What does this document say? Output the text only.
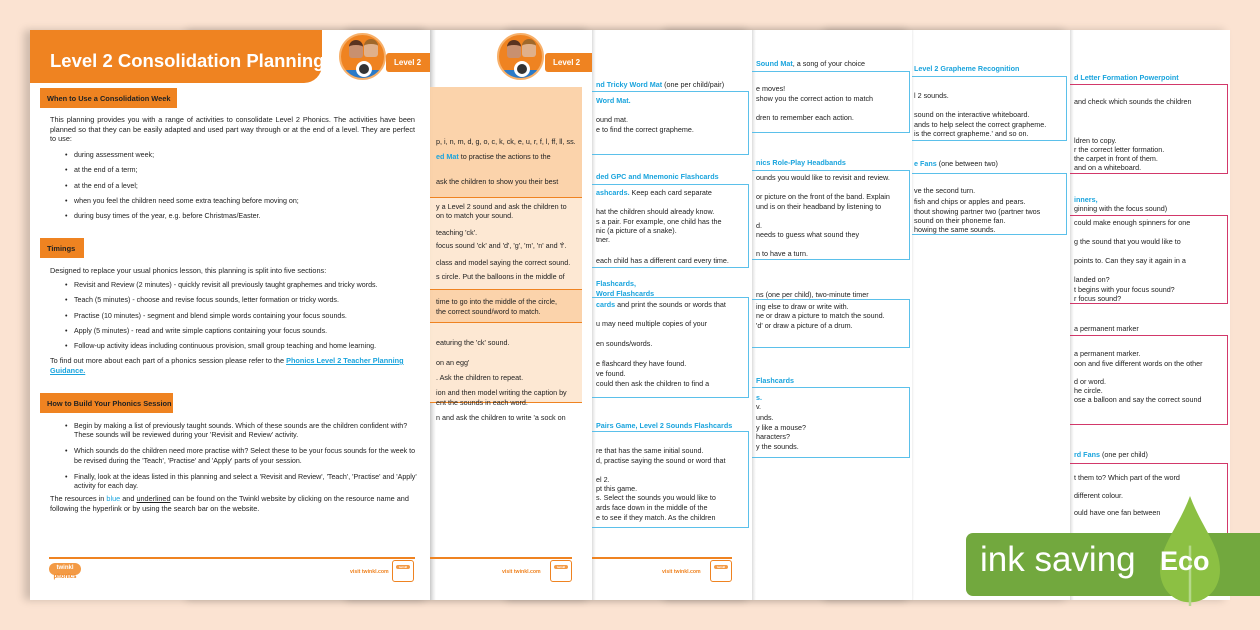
p, i, n, m, d, g, o, c, k, ck, e, u, r, f, l, ff, ll, ss.
ed Mat to practise the actions to the
ask the children to show you their best
y a Level 2 sound and ask the children to
on to match your sound.
teaching 'ck'.
focus sound 'ck' and 'd', 'g', 'm', 'n' and 'f'.
class and model saying the correct sound.
s circle. Put the balloons in the middle of
time to go into the middle of the circle,
the correct sound/word to match.
eaturing the 'ck' sound.
on an egg'
. Ask the children to repeat.
ion and then model writing the caption by
ent the sounds in each word.
n and ask the children to write 'a sock on
Level 2
visit twinkl.com
twinkl
nd Tricky Word Mat (one per child/pair)
Word Mat.
ound mat.
e to find the correct grapheme.
ded GPC and Mnemonic Flashcards
ashcards. Keep each card separate
hat the children should already know.
s a pair. For example, one child has the
nic (a picture of a snake).
tner.
each child has a different card every time.
Flashcards,
Word Flashcards
cards and print the sounds or words that
u may need multiple copies of your
en sounds/words.
e flashcard they have found.
ve found.
could then ask the children to find a
Pairs Game, Level 2 Sounds Flashcards
re that has the same initial sound.
d, practise saying the sound or word that
el 2.
pt this game.
s. Select the sounds you would like to
ards face down in the middle of the
e to see if they match. As the children
visit twinkl.com
twinkl
Sound Mat, a song of your choice
e moves!
show you the correct action to match
dren to remember each action.
nics Role-Play Headbands
ounds you would like to revisit and review.
or picture on the front of the band. Explain
und is on their headband by listening to
d.
needs to guess what sound they
n to have a turn.
ns (one per child), two-minute timer
ing else to draw or write with.
ne or draw a picture to match the sound.
'd' or draw a picture of a drum.
Flashcards
s.
v.
unds.
y like a mouse?
haracters?
y the sounds.
Level 2 Grapheme Recognition
l 2 sounds.
sound on the interactive whiteboard.
ands to help select the correct grapheme.
is the correct grapheme.' and so on.
e Fans (one between two)
ve the second turn.
fish and chips or apples and pears.
thout showing partner two (partner twos
sound on their phoneme fan.
howing the same sounds.
d Letter Formation Powerpoint
and check which sounds the children
ldren to copy.
r the correct letter formation.
the carpet in front of them.
and on a whiteboard.
inners,
ginning with the focus sound)
could make enough spinners for one
g the sound that you would like to
points to. Can they say it again in a
landed on?
t begins with your focus sound?
r focus sound?
a permanent marker
a permanent marker.
oon and five different words on the other
d or word.
he circle.
ose a balloon and say the correct sound
rd Fans (one per child)
t them to? Which part of the word
different colour.
ould have one fan between
Level 2 Consolidation Planning	Level 2
When to Use a Consolidation Week
This planning provides you with a range of activities to consolidate Level 2 Phonics. The activities have been planned so that they can be easily adapted and used part way through or at the end of a level. They are perfect to use:
• during assessment week;
• at the end of a term;
• at the end of a level;
• when you feel the children need some extra teaching before moving on;
• during busy times of the year, e.g. before Christmas/Easter.
Timings
Designed to replace your usual phonics lesson, this planning is split into five sections:
• Revisit and Review (2 minutes) - quickly revisit all previously taught graphemes and tricky words.
• Teach (5 minutes) - choose and revise focus sounds, letter formation or tricky words.
• Practise (10 minutes) - segment and blend simple words containing your focus sounds.
• Apply (5 minutes) - read and write simple captions containing your focus sounds.
• Follow-up activity ideas including continuous provision, small group teaching and home learning.
To find out more about each part of a phonics session please refer to the Phonics Level 2 Teacher Planning Guidance.
How to Build Your Phonics Session
• Begin by making a list of previously taught sounds. Which of these sounds are the children confident with? These sounds will be reviewed during your 'Revisit and Review' activity.
• Which sounds do the children need more practise with? Select these to be your focus sounds for the week to be revised during the 'Teach', 'Practise' and 'Apply' parts of your session.
• Finally, look at the ideas listed in this planning and select a 'Revisit and Review', 'Teach', 'Practise' and 'Apply' activity for each day.
The resources in blue and underlined can be found on the Twinkl website by clicking on the resource name and following the hyperlink or by using the search bar on the website.
twinkl
phonics
visit twinkl.com
twinkl	ink saving Eco
